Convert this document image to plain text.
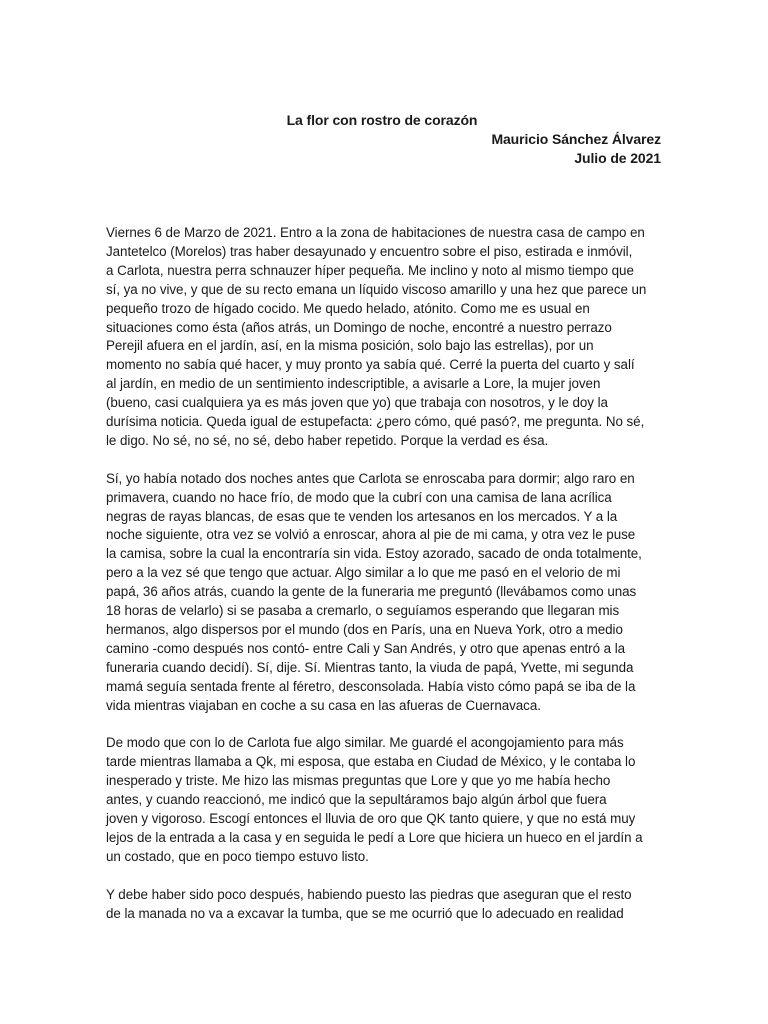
La flor con rostro de corazón
Mauricio Sánchez Álvarez
Julio de 2021
Viernes 6 de Marzo de 2021. Entro a la zona de habitaciones de nuestra casa de campo en
Jantetelco (Morelos) tras haber desayunado y encuentro sobre el piso, estirada e inmóvil,
a Carlota, nuestra perra schnauzer híper pequeña. Me inclino y noto al mismo tiempo que
sí, ya no vive, y que de su recto emana un líquido viscoso amarillo y una hez que parece un
pequeño trozo de hígado cocido. Me quedo helado, atónito. Como me es usual en
situaciones como ésta (años atrás, un Domingo de noche, encontré a nuestro perrazo
Perejil afuera en el jardín, así, en la misma posición, solo bajo las estrellas), por un
momento no sabía qué hacer, y muy pronto ya sabía qué. Cerré la puerta del cuarto y salí
al jardín, en medio de un sentimiento indescriptible, a avisarle a Lore, la mujer joven
(bueno, casi cualquiera ya es más joven que yo) que trabaja con nosotros, y le doy la
durísima noticia. Queda igual de estupefacta: ¿pero cómo, qué pasó?, me pregunta. No sé,
le digo. No sé, no sé, no sé, debo haber repetido. Porque la verdad es ésa.
Sí, yo había notado dos noches antes que Carlota se enroscaba para dormir; algo raro en
primavera, cuando no hace frío, de modo que la cubrí con una camisa de lana acrílica
negras de rayas blancas, de esas que te venden los artesanos en los mercados. Y a la
noche siguiente, otra vez se volvió a enroscar, ahora al pie de mi cama, y otra vez le puse
la camisa, sobre la cual la encontraría sin vida. Estoy azorado, sacado de onda totalmente,
pero a la vez sé que tengo que actuar. Algo similar a lo que me pasó en el velorio de mi
papá, 36 años atrás, cuando la gente de la funeraria me preguntó (llevábamos como unas
18 horas de velarlo) si se pasaba a cremarlo, o seguíamos esperando que llegaran mis
hermanos, algo dispersos por el mundo (dos en París, una en Nueva York, otro a medio
camino -como después nos contó- entre Cali y San Andrés, y otro que apenas entró a la
funeraria cuando decidí). Sí, dije. Sí. Mientras tanto, la viuda de papá, Yvette, mi segunda
mamá seguía sentada frente al féretro, desconsolada. Había visto cómo papá se iba de la
vida mientras viajaban en coche a su casa en las afueras de Cuernavaca.
De modo que con lo de Carlota fue algo similar. Me guardé el acongojamiento para más
tarde mientras llamaba a Qk, mi esposa, que estaba en Ciudad de México, y le contaba lo
inesperado y triste. Me hizo las mismas preguntas que Lore y que yo me había hecho
antes, y cuando reaccionó, me indicó que la sepultáramos bajo algún árbol que fuera
joven y vigoroso. Escogí entonces el lluvia de oro que QK tanto quiere, y que no está muy
lejos de la entrada a la casa y en seguida le pedí a Lore que hiciera un hueco en el jardín a
un costado, que en poco tiempo estuvo listo.
Y debe haber sido poco después, habiendo puesto las piedras que aseguran que el resto
de la manada no va a excavar la tumba, que se me ocurrió que lo adecuado en realidad
